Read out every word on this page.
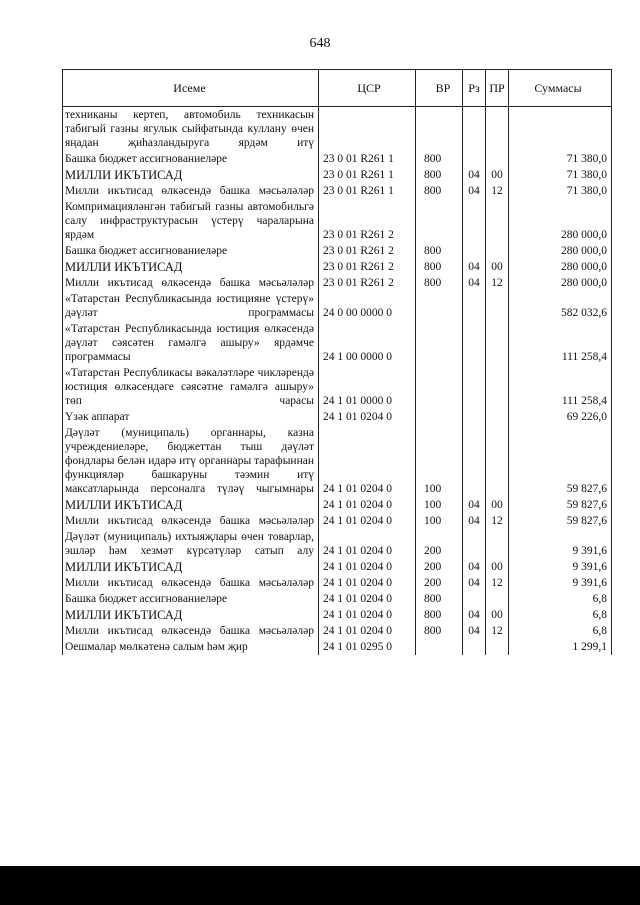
648
Исеме	ЦСР	ВР	Рз	ПР	Суммасы
техниканы кертеп, автомобиль техникасын табигый газны ягулык сыйфатында куллану өчен яңадан җиһазландыруга ярдәм итү					
Башка бюджет ассигнованиеләре	23 0 01 R261 1	800			71 380,0
МИЛЛИ ИКЪТИСАД	23 0 01 R261 1	800	04	00	71 380,0
Милли икътисад өлкәсендә башка мәсьәләләр	23 0 01 R261 1	800	04	12	71 380,0
Компримацияләнгән табигый газны автомобильгә салу инфраструктурасын үстерү чараларына ярдәм	23 0 01 R261 2				280 000,0
Башка бюджет ассигнованиеләре	23 0 01 R261 2	800			280 000,0
МИЛЛИ ИКЪТИСАД	23 0 01 R261 2	800	04	00	280 000,0
Милли икътисад өлкәсендә башка мәсьәләләр	23 0 01 R261 2	800	04	12	280 000,0
«Татарстан Республикасында юстицияне үстерү» дәүләт программасы	24 0 00 0000 0				582 032,6
«Татарстан Республикасында юстиция өлкәсендә дәүләт сәясәтен гамәлгә ашыру» ярдәмче программасы	24 1 00 0000 0				111 258,4
«Татарстан Республикасы вәкаләтләре чикләрендә юстиция өлкәсендәге сәясәтне гамәлгә ашыру» төп чарасы	24 1 01 0000 0				111 258,4
Үзәк аппарат	24 1 01 0204 0				69 226,0
Дәүләт (муниципаль) органнары, казна учреждениеләре, бюджеттан тыш дәүләт фондлары белән идарә итү органнары тарафыннан функцияләр башкаруны тәэмин итү максатларында персоналга түләү чыгымнары	24 1 01 0204 0	100			59 827,6
МИЛЛИ ИКЪТИСАД	24 1 01 0204 0	100	04	00	59 827,6
Милли икътисад өлкәсендә башка мәсьәләләр	24 1 01 0204 0	100	04	12	59 827,6
Дәүләт (муниципаль) ихтыяҗлары өчен товарлар, эшләр һәм хезмәт күрсәтүләр сатып алу	24 1 01 0204 0	200			9 391,6
МИЛЛИ ИКЪТИСАД	24 1 01 0204 0	200	04	00	9 391,6
Милли икътисад өлкәсендә башка мәсьәләләр	24 1 01 0204 0	200	04	12	9 391,6
Башка бюджет ассигнованиеләре	24 1 01 0204 0	800			6,8
МИЛЛИ ИКЪТИСАД	24 1 01 0204 0	800	04	00	6,8
Милли икътисад өлкәсендә башка мәсьәләләр	24 1 01 0204 0	800	04	12	6,8
Оешмалар мөлкәтенә салым һәм җир	24 1 01 0295 0				1 299,1
